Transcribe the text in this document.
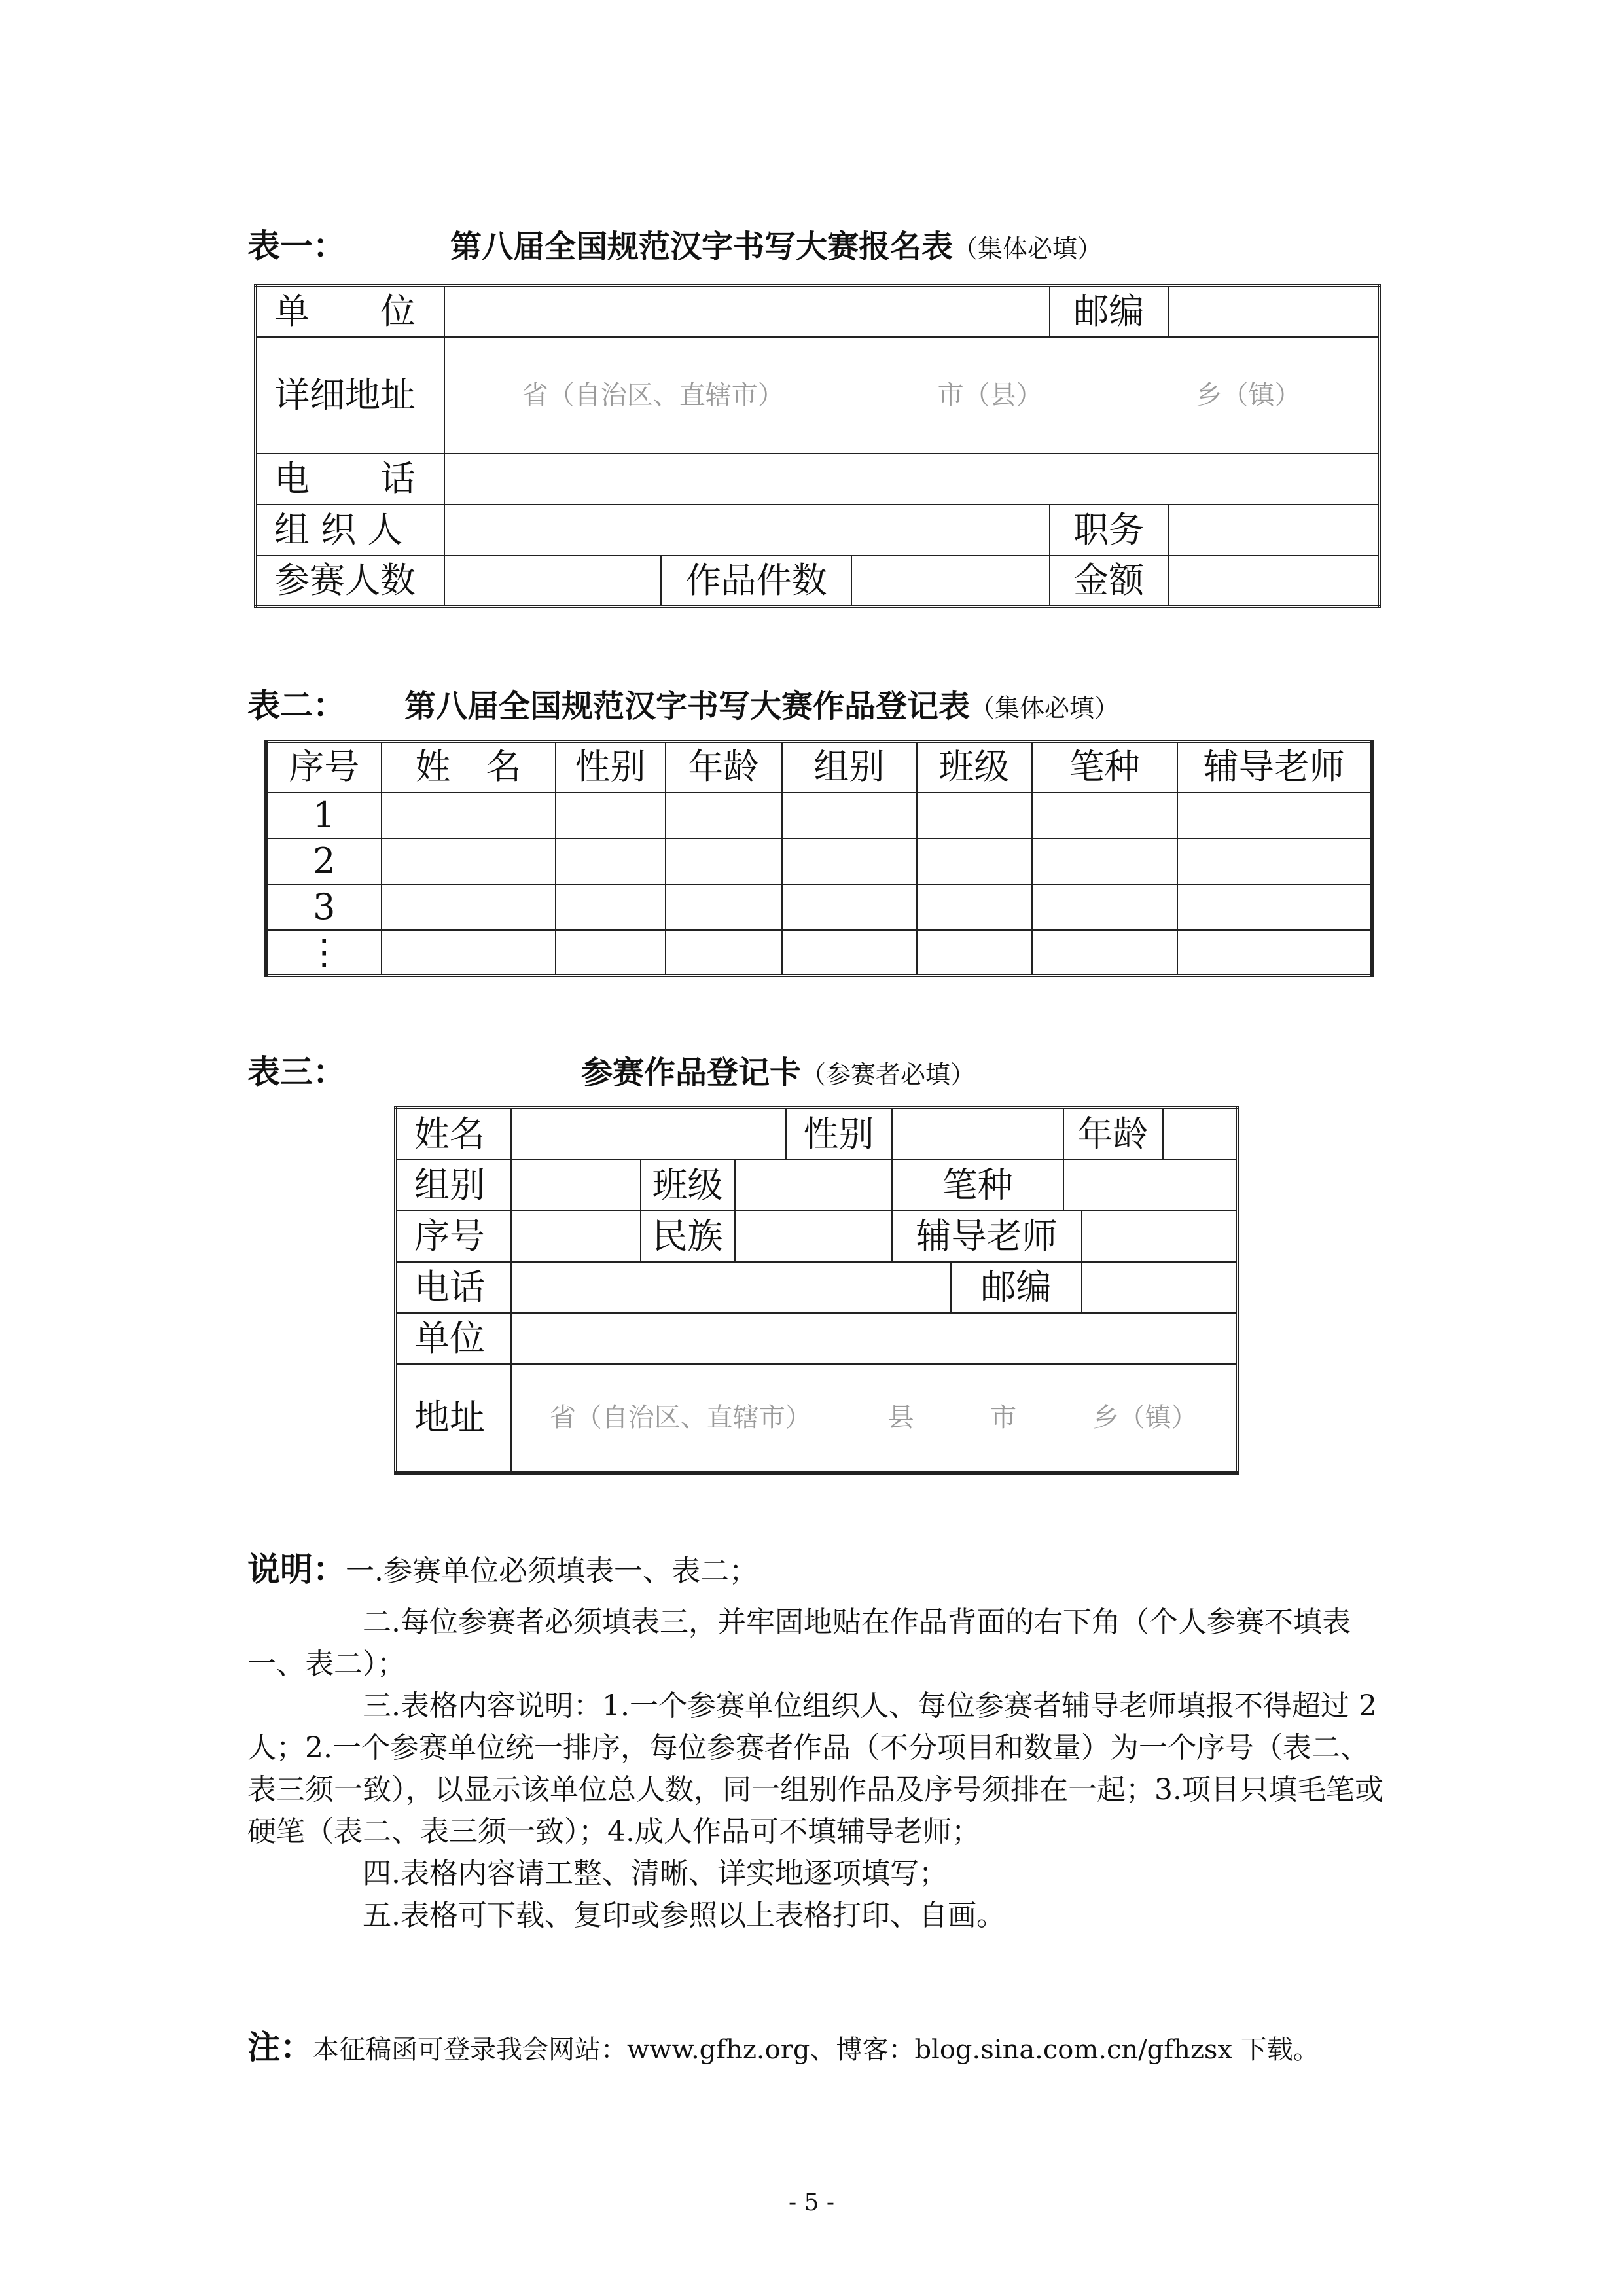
表一：	第八届全国规范汉字书写大赛报名表 （集体必填）
单　　位				邮编	
详细地址	省（自治区、直辖市） 市（县） 乡（镇）				

电　　话					
组 织 人				职务	
参赛人数		作品件数		金额	
表二： 第八届全国规范汉字书写大赛作品登记表 （集体必填）
序号	姓　名	性别	年龄	组别	班级	笔种	辅导老师
1							
2							
3							
⋮							
表三：	参赛作品登记卡 （参赛者必填）
姓名				性别			年龄	

组别		班级			笔种			
序号		民族			辅导老师			
电话						邮编		
单位								
地址	省（自治区、直辖市） 县 市 乡（镇）							

说明：一.参赛单位必须填表一、表二；

二.每位参赛者必须填表三，并牢固地贴在作品背面的右下角（个人参赛不填表一、表二）；

三.表格内容说明：1.一个参赛单位组织人、每位参赛者辅导老师填报不得超过 2 人；2.一个参赛单位统一排序，每位参赛者作品（不分项目和数量）为一个序号（表二、表三须一致），以显示该单位总人数，同一组别作品及序号须排在一起；3.项目只填毛笔或硬笔（表二、表三须一致）；4.成人作品可不填辅导老师；

四.表格内容请工整、清晰、详实地逐项填写；

五.表格可下载、复印或参照以上表格打印、自画。

注：本征稿函可登录我会网站：www.gfhz.org、博客：blog.sina.com.cn/gfhzsx 下载。
- 5 -
